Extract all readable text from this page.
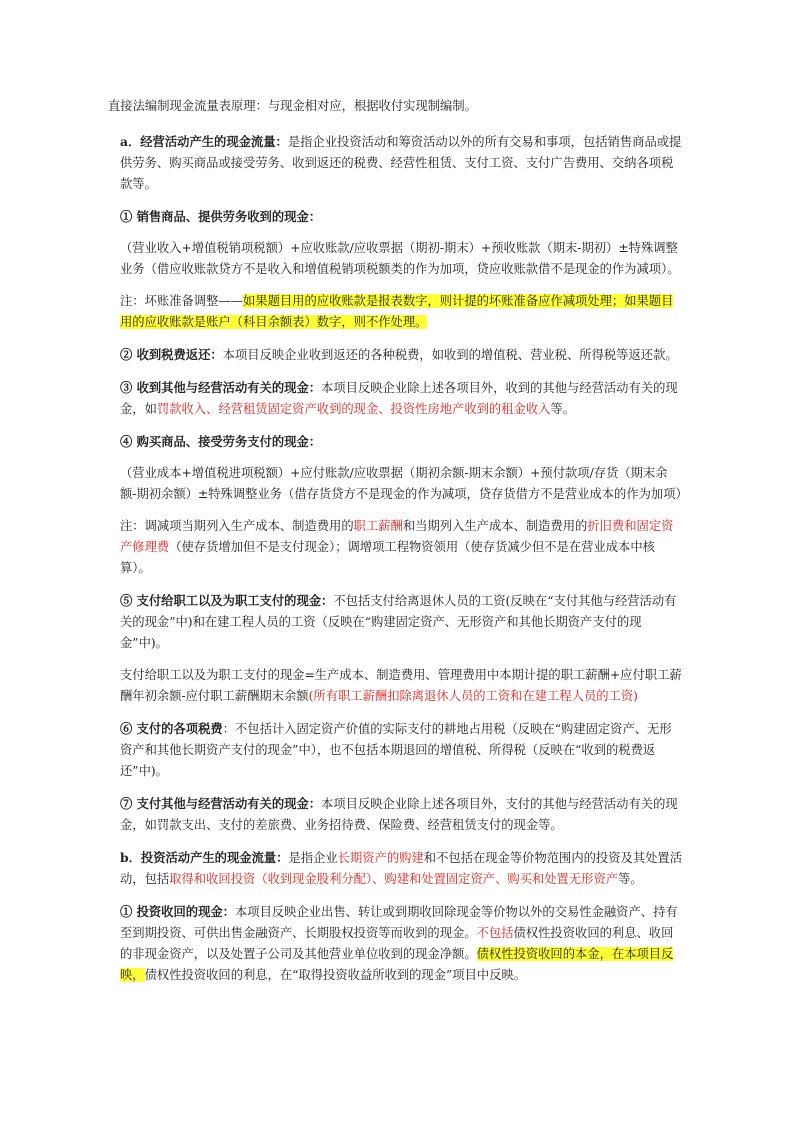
直接法编制现金流量表原理：与现金相对应，根据收付实现制编制。

a．经营活动产生的现金流量：是指企业投资活动和筹资活动以外的所有交易和事项，包括销售商品或提供劳务、购买商品或接受劳务、收到返还的税费、经营性租赁、支付工资、支付广告费用、交纳各项税款等。

① 销售商品、提供劳务收到的现金：

（营业收入+增值税销项税额）+应收账款/应收票据（期初-期末）+预收账款（期末-期初）±特殊调整业务（借应收账款贷方不是收入和增值税销项税额类的作为加项，贷应收账款借不是现金的作为减项）。

注：坏账准备调整——如果题目用的应收账款是报表数字，则计提的坏账准备应作减项处理；如果题目用的应收账款是账户（科目余额表）数字，则不作处理。

② 收到税费返还：本项目反映企业收到返还的各种税费，如收到的增值税、营业税、所得税等返还款。

③ 收到其他与经营活动有关的现金：本项目反映企业除上述各项目外，收到的其他与经营活动有关的现金，如罚款收入、经营租赁固定资产收到的现金、投资性房地产收到的租金收入等。

④ 购买商品、接受劳务支付的现金：

（营业成本+增值税进项税额）+应付账款/应收票据（期初余额-期末余额）+预付款项/存货（期末余额-期初余额）±特殊调整业务（借存货贷方不是现金的作为减项，贷存货借方不是营业成本的作为加项）

注：调减项当期列入生产成本、制造费用的职工薪酬和当期列入生产成本、制造费用的折旧费和固定资产修理费（使存货增加但不是支付现金）；调增项工程物资领用（使存货减少但不是在营业成本中核算）。

⑤ 支付给职工以及为职工支付的现金：不包括支付给离退休人员的工资(反映在“支付其他与经营活动有关的现金”中)和在建工程人员的工资（反映在“购建固定资产、无形资产和其他长期资产支付的现金”中)。

支付给职工以及为职工支付的现金=生产成本、制造费用、管理费用中本期计提的职工薪酬+应付职工薪酬年初余额-应付职工薪酬期末余额(所有职工薪酬扣除离退休人员的工资和在建工程人员的工资)

⑥ 支付的各项税费：不包括计入固定资产价值的实际支付的耕地占用税（反映在“购建固定资产、无形资产和其他长期资产支付的现金”中），也不包括本期退回的增值税、所得税（反映在“收到的税费返还”中)。

⑦ 支付其他与经营活动有关的现金：本项目反映企业除上述各项目外，支付的其他与经营活动有关的现金，如罚款支出、支付的差旅费、业务招待费、保险费、经营租赁支付的现金等。

b．投资活动产生的现金流量：是指企业长期资产的购建和不包括在现金等价物范围内的投资及其处置活动，包括取得和收回投资（收到现金股利分配）、购建和处置固定资产、购买和处置无形资产等。

① 投资收回的现金：本项目反映企业出售、转让或到期收回除现金等价物以外的交易性金融资产、持有至到期投资、可供出售金融资产、长期股权投资等而收到的现金。不包括债权性投资收回的利息、收回的非现金资产，以及处置子公司及其他营业单位收到的现金净额。债权性投资收回的本金，在本项目反映，债权性投资收回的利息，在“取得投资收益所收到的现金”项目中反映。
